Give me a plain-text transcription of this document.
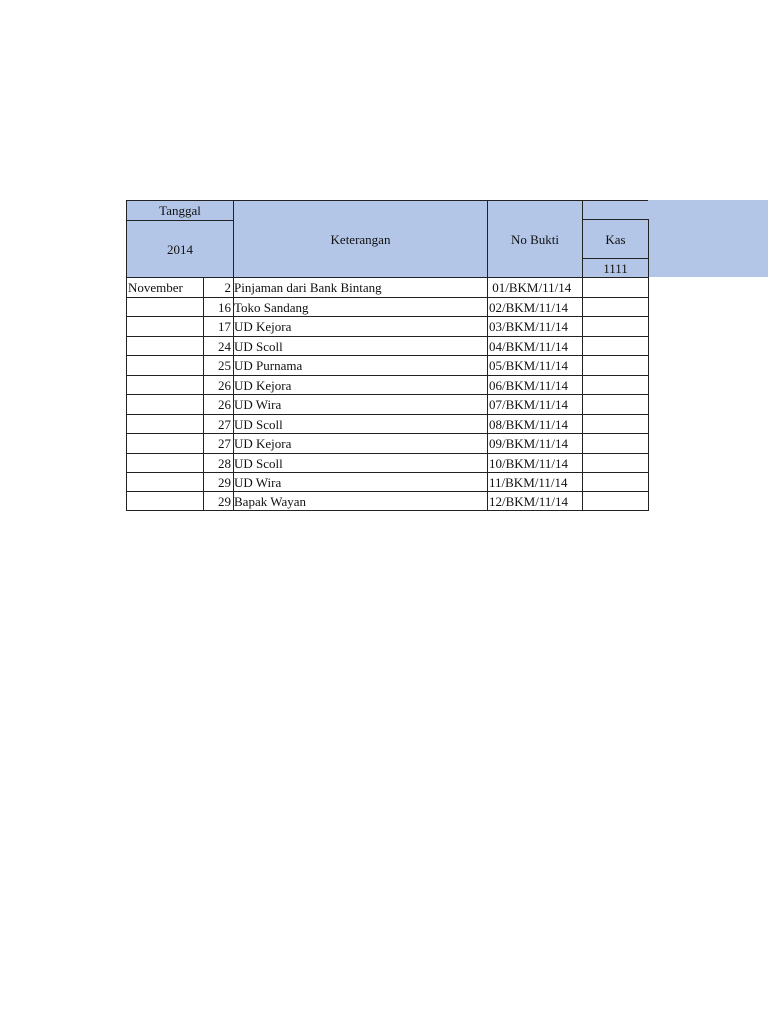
Tanggal
2014
Keterangan	No Bukti	Kas
1111
November	2 Pinjaman dari Bank Bintang	01/BKM/11/14
16 Toko Sandang	02/BKM/11/14
17 UD Kejora	03/BKM/11/14
24 UD Scoll	04/BKM/11/14
25 UD Purnama	05/BKM/11/14
26 UD Kejora	06/BKM/11/14
26 UD Wira	07/BKM/11/14
27 UD Scoll	08/BKM/11/14
27 UD Kejora	09/BKM/11/14
28 UD Scoll	10/BKM/11/14
29 UD Wira	11/BKM/11/14
29 Bapak Wayan	12/BKM/11/14
